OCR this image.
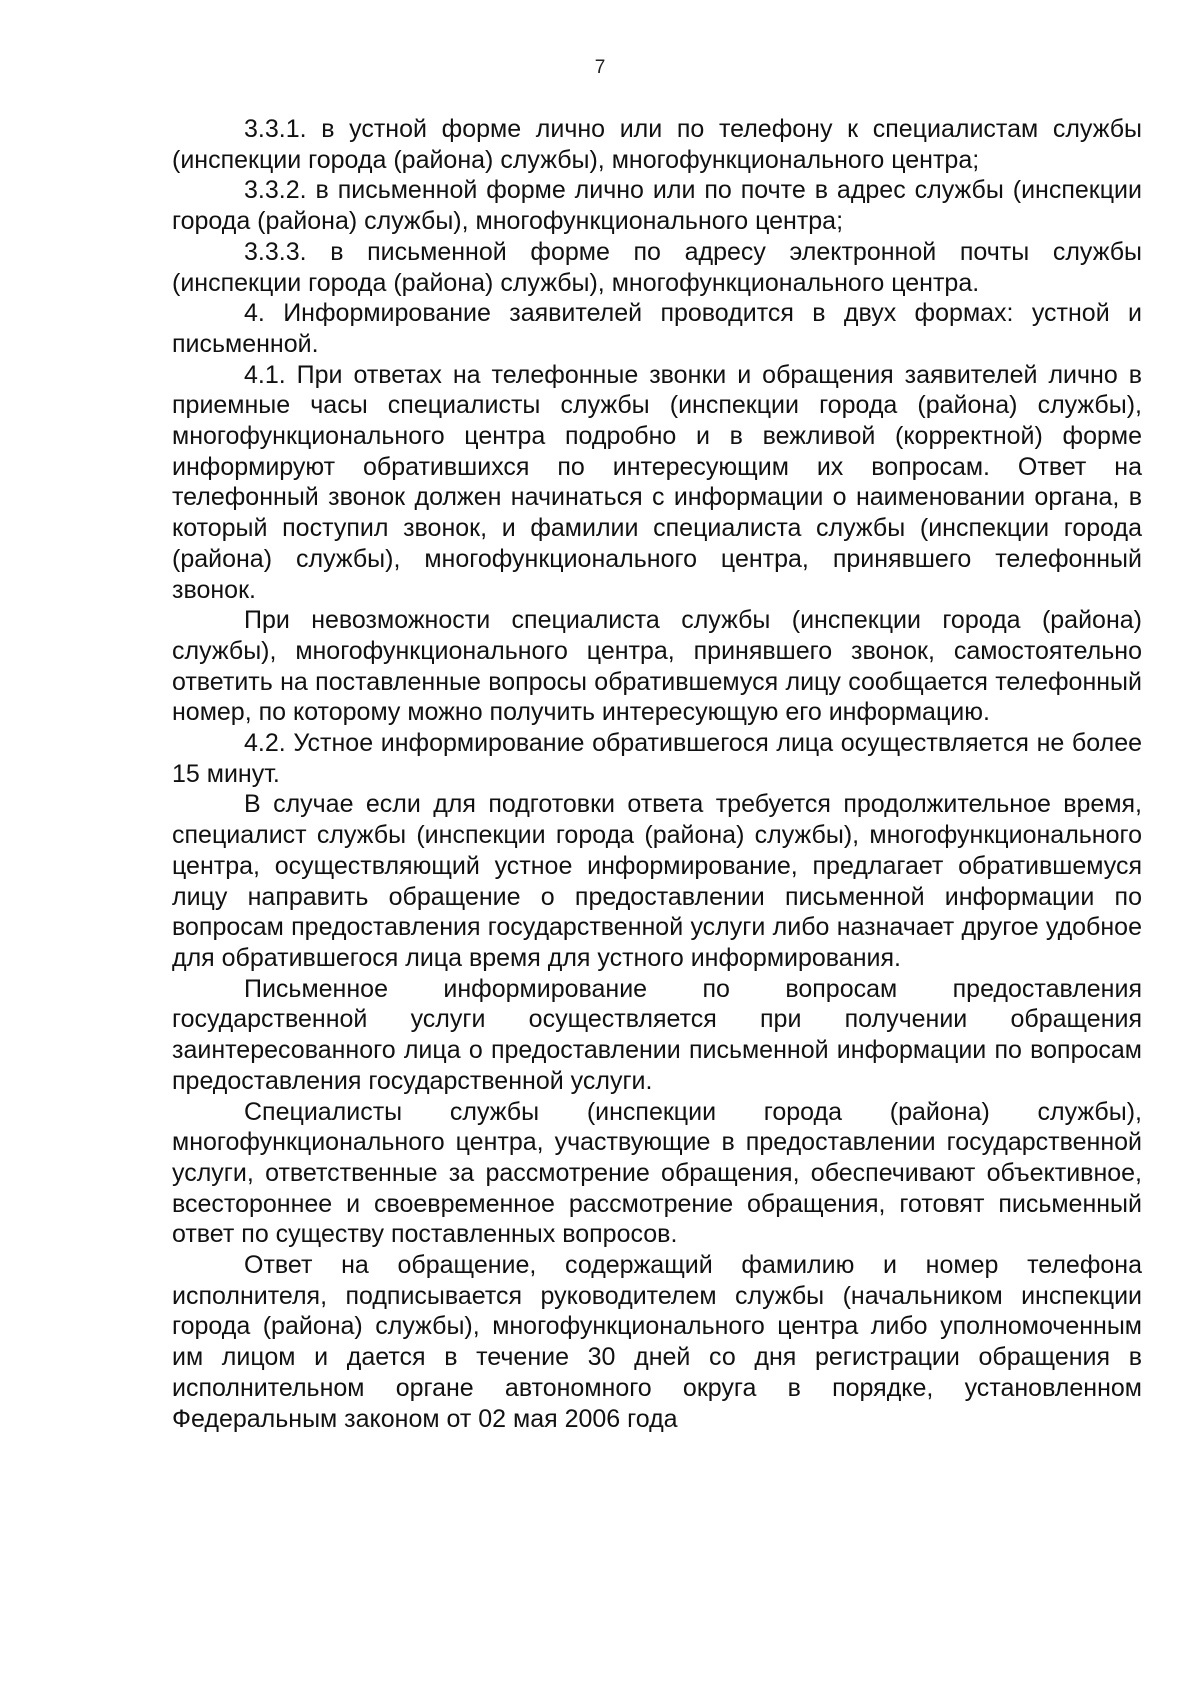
7

3.3.1. в устной форме лично или по телефону к специалистам службы (инспекции города (района) службы), многофункционального центра;

3.3.2. в письменной форме лично или по почте в адрес службы (инспекции города (района) службы), многофункционального центра;

3.3.3. в письменной форме по адресу электронной почты службы (инспекции города (района) службы), многофункционального центра.

4. Информирование заявителей проводится в двух формах: устной и письменной.

4.1. При ответах на телефонные звонки и обращения заявителей лично в приемные часы специалисты службы (инспекции города (района) службы), многофункционального центра подробно и в вежливой (корректной) форме информируют обратившихся по интересующим их вопросам. Ответ на телефонный звонок должен начинаться с информации о наименовании органа, в который поступил звонок, и фамилии специалиста службы (инспекции города (района) службы), многофункционального центра, принявшего телефонный звонок.

При невозможности специалиста службы (инспекции города (района) службы), многофункционального центра, принявшего звонок, самостоятельно ответить на поставленные вопросы обратившемуся лицу сообщается телефонный номер, по которому можно получить интересующую его информацию.

4.2. Устное информирование обратившегося лица осуществляется не более 15 минут.

В случае если для подготовки ответа требуется продолжительное время, специалист службы (инспекции города (района) службы), многофункционального центра, осуществляющий устное информирование, предлагает обратившемуся лицу направить обращение о предоставлении письменной информации по вопросам предоставления государственной услуги либо назначает другое удобное для обратившегося лица время для устного информирования.

Письменное информирование по вопросам предоставления государственной услуги осуществляется при получении обращения заинтересованного лица о предоставлении письменной информации по вопросам предоставления государственной услуги.

Специалисты службы (инспекции города (района) службы), многофункционального центра, участвующие в предоставлении государственной услуги, ответственные за рассмотрение обращения, обеспечивают объективное, всестороннее и своевременное рассмотрение обращения, готовят письменный ответ по существу поставленных вопросов.

Ответ на обращение, содержащий фамилию и номер телефона исполнителя, подписывается руководителем службы (начальником инспекции города (района) службы), многофункционального центра либо уполномоченным им лицом и дается в течение 30 дней со дня регистрации обращения в исполнительном органе автономного округа в порядке, установленном Федеральным законом от 02 мая 2006 года
